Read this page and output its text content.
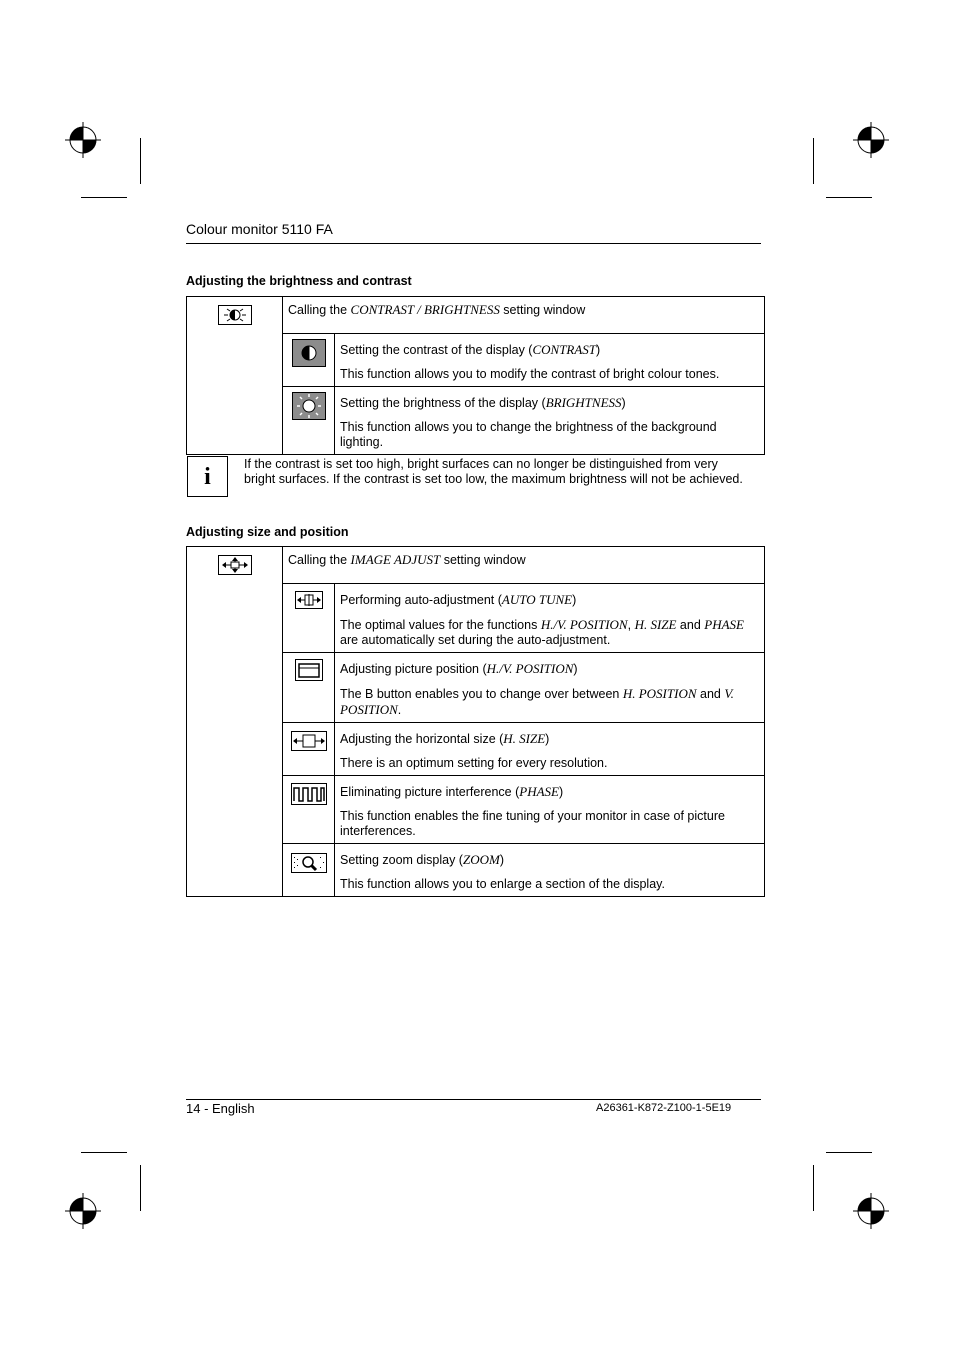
Colour monitor 5110 FA
Adjusting the brightness and contrast
	Calling the CONTRAST / BRIGHTNESS setting window	

Setting the contrast of the display (CONTRAST)
This function allows you to modify the contrast of bright colour tones.

Setting the brightness of the display (BRIGHTNESS)
This function allows you to change the brightness of the background lighting.
i	If the contrast is set too high, bright surfaces can no longer be distinguished from very bright surfaces. If the contrast is set too low, the maximum brightness will not be achieved.
Adjusting size and position
	Calling the IMAGE ADJUST setting window	

Performing auto-adjustment (AUTO TUNE)
The optimal values for the functions H./V. POSITION, H. SIZE and PHASE are automatically set during the auto-adjustment.

Adjusting picture position (H./V. POSITION)
The B button enables you to change over between H. POSITION and V. POSITION.

Adjusting the horizontal size (H. SIZE)
There is an optimum setting for every resolution.

Eliminating picture interference (PHASE)
This function enables the fine tuning of your monitor in case of picture interferences.

Setting zoom display (ZOOM)
This function allows you to enlarge a section of the display.
14 - English	A26361-K872-Z100-1-5E19
